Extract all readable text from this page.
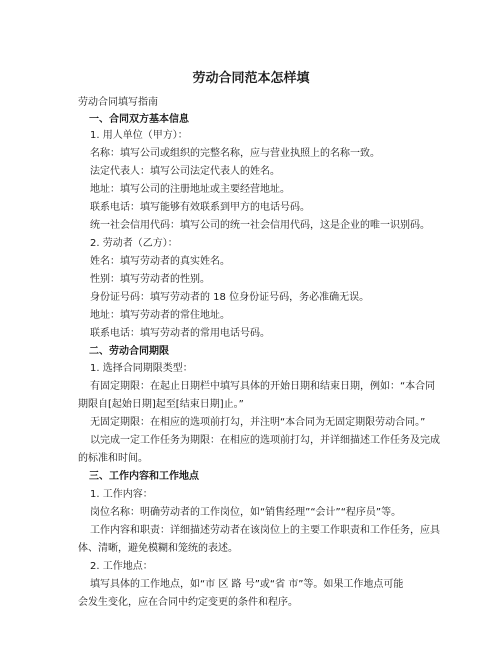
劳动合同范本怎样填
劳动合同填写指南
一、合同双方基本信息
1. 用人单位（甲方）：
名称：填写公司或组织的完整名称，应与营业执照上的名称一致。
法定代表人：填写公司法定代表人的姓名。
地址：填写公司的注册地址或主要经营地址。
联系电话：填写能够有效联系到甲方的电话号码。
统一社会信用代码：填写公司的统一社会信用代码，这是企业的唯一识别码。
2. 劳动者（乙方）：
姓名：填写劳动者的真实姓名。
性别：填写劳动者的性别。
身份证号码：填写劳动者的 18 位身份证号码，务必准确无误。
地址：填写劳动者的常住地址。
联系电话：填写劳动者的常用电话号码。
二、劳动合同期限
1. 选择合同期限类型：
有固定期限：在起止日期栏中填写具体的开始日期和结束日期，例如：“本合同
期限自[起始日期]起至[结束日期]止。”
无固定期限：在相应的选项前打勾，并注明“本合同为无固定期限劳动合同。”
以完成一定工作任务为期限：在相应的选项前打勾，并详细描述工作任务及完成
的标准和时间。
三、工作内容和工作地点
1. 工作内容：
岗位名称：明确劳动者的工作岗位，如“销售经理”“会计”“程序员”等。
工作内容和职责：详细描述劳动者在该岗位上的主要工作职责和工作任务，应具
体、清晰，避免模糊和笼统的表述。
2. 工作地点：
填写具体的工作地点，如“市 区 路 号”或“省 市”等。如果工作地点可能
会发生变化，应在合同中约定变更的条件和程序。
